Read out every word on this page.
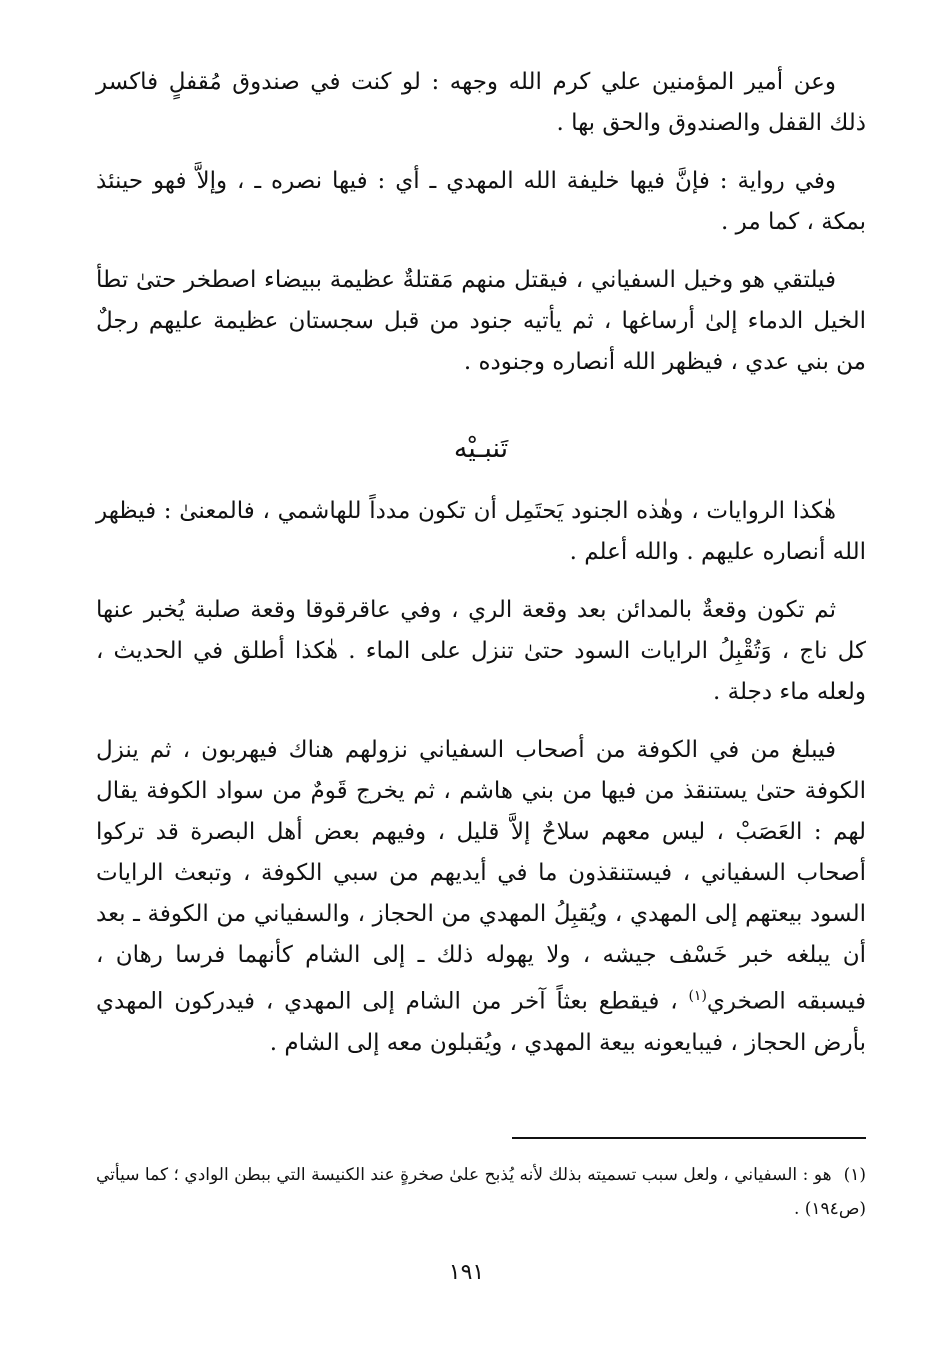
وعن أمير المؤمنين علي كرم الله وجهه : لو كنت في صندوق مُقفلٍ فاكسر ذلك القفل والصندوق والحق بها .

وفي رواية : فإنَّ فيها خليفة الله المهدي ـ أي : فيها نصره ـ ، وإلاَّ فهو حينئذ بمكة ، كما مر .

فيلتقي هو وخيل السفياني ، فيقتل منهم مَقتلةٌ عظيمة ببيضاء اصطخر حتىٰ تطأ الخيل الدماء إلىٰ أرساغها ، ثم يأتيه جنود من قبل سجستان عظيمة عليهم رجلٌ من بني عدي ، فيظهر الله أنصاره وجنوده .

تَنبـيْه

هٰكذا الروايات ، وهٰذه الجنود يَحتَمِل أن تكون مدداً للهاشمي ، فالمعنىٰ : فيظهر الله أنصاره عليهم . والله أعلم .

ثم تكون وقعةٌ بالمدائن بعد وقعة الري ، وفي عاقرقوقا وقعة صلبة يُخبر عنها كل ناج ، وَتُقْبِلُ الرايات السود حتىٰ تنزل على الماء . هٰكذا أطلق في الحديث ، ولعله ماء دجلة .

فيبلغ من في الكوفة من أصحاب السفياني نزولهم هناك فيهربون ، ثم ينزل الكوفة حتىٰ يستنقذ من فيها من بني هاشم ، ثم يخرج قَومٌ من سواد الكوفة يقال لهم : العَصَبْ ، ليس معهم سلاحٌ إلاَّ قليل ، وفيهم بعض أهل البصرة قد تركوا أصحاب السفياني ، فيستنقذون ما في أيديهم من سبي الكوفة ، وتبعث الرايات السود بيعتهم إلى المهدي ، ويُقبِلُ المهدي من الحجاز ، والسفياني من الكوفة ـ بعد أن يبلغه خبر خَسْف جيشه ، ولا يهوله ذلك ـ إلى الشام كأنهما فرسا رهان ، فيسبقه الصخري$^{(١)}$ ، فيقطع بعثاً آخر من الشام إلى المهدي ، فيدركون المهدي بأرض الحجاز ، فيبايعونه بيعة المهدي ، ويُقبلون معه إلى الشام .

(١)هو : السفياني ، ولعل سبب تسميته بذلك لأنه يُذبح علىٰ صخرةٍ عند الكنيسة التي ببطن الوادي ؛ كما سيأتي (ص١٩٤) .
١٩١
